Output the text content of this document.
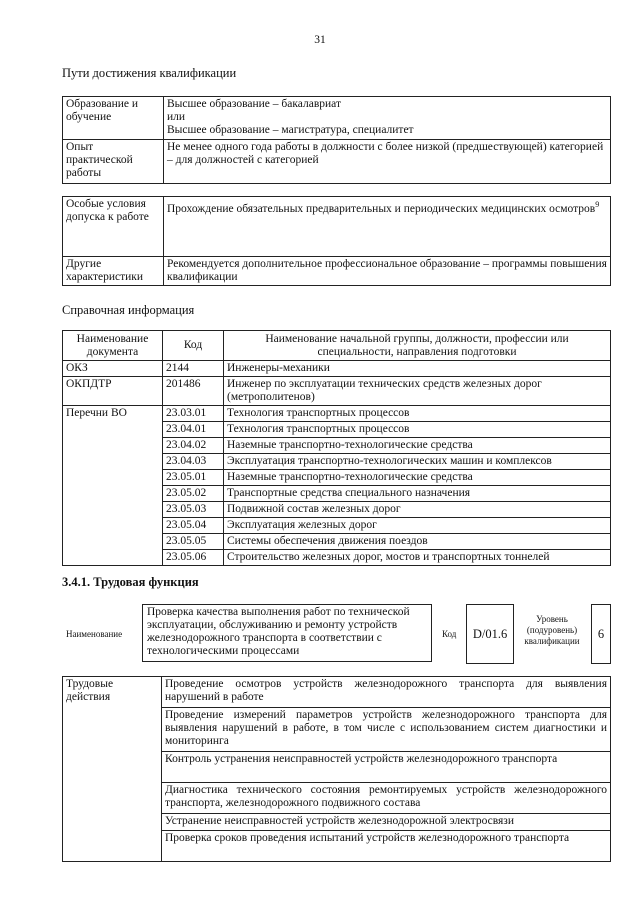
31
Пути достижения квалификации
Образование и обучение	Высшее образование – бакалавриат
или
Высшее образование – магистратура, специалитет

Опыт практической работы	Не менее одного года работы в должности с более низкой (предшествующей) категорией – для должностей с категорией
Особые условия допуска к работе	Прохождение обязательных предварительных и периодических медицинских осмотров$^9$
Другие характеристики	Рекомендуется дополнительное профессиональное образование – программы повышения квалификации
Справочная информация
Наименование документа	Код	Наименование начальной группы, должности, профессии или специальности, направления подготовки
ОКЗ	2144	Инженеры-механики
ОКПДТР	201486	Инженер по эксплуатации технических средств железных дорог (метрополитенов)
Перечни ВО	23.03.01	Технология транспортных процессов
	23.04.01	Технология транспортных процессов
	23.04.02	Наземные транспортно-технологические средства
	23.04.03	Эксплуатация транспортно-технологических машин и комплексов
	23.05.01	Наземные транспортно-технологические средства
	23.05.02	Транспортные средства специального назначения
	23.05.03	Подвижной состав железных дорог
	23.05.04	Эксплуатация железных дорог
	23.05.05	Системы обеспечения движения поездов
	23.05.06	Строительство железных дорог, мостов и транспортных тоннелей
3.4.1. Трудовая функция
Наименование
Проверка качества выполнения работ по технической эксплуатации, обслуживанию и ремонту устройств железнодорожного транспорта в соответствии с технологическими процессами
Код	D/01.6
Уровень (подуровень) квалификации
6
Трудовые действия	Проведение осмотров устройств железнодорожного транспорта для выявления нарушений в работе
Проведение измерений параметров устройств железнодорожного транспорта для выявления нарушений в работе, в том числе с использованием систем диагностики и мониторинга
Контроль устранения неисправностей устройств железнодорожного транспорта
Диагностика технического состояния ремонтируемых устройств железнодорожного транспорта, железнодорожного подвижного состава
Устранение неисправностей устройств железнодорожной электросвязи
Проверка сроков проведения испытаний устройств железнодорожного транспорта
